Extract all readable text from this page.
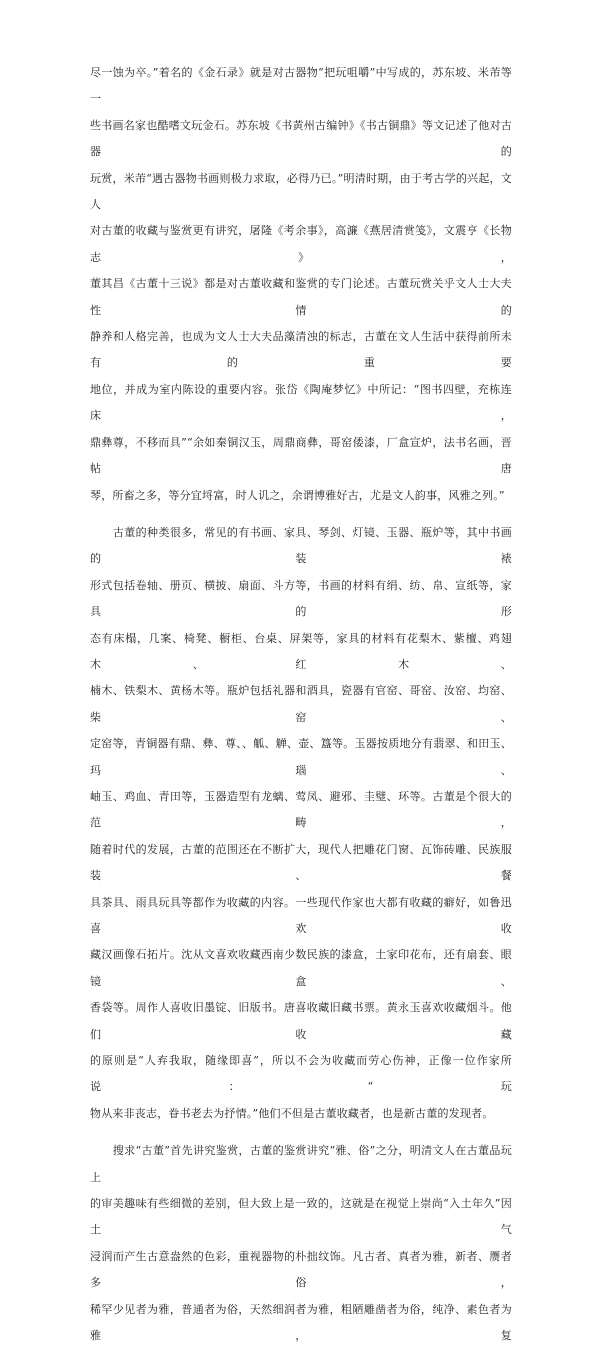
尽一蚀为卒。”着名的《金石录》就是对古器物“把玩咀嚼”中写成的，苏东坡、米芾等一
些书画名家也酷嗜文玩金石。苏东坡《书黄州古编钟》《书古铜鼎》等文记述了他对古器的
玩赏，米芾“遇古器物书画则极力求取，必得乃已。”明清时期，由于考古学的兴起，文人
对古董的收藏与鉴赏更有讲究，屠隆《考余事》，高濂《燕居清赏笺》，文震亨《长物志》，
董其昌《古董十三说》都是对古董收藏和鉴赏的专门论述。古董玩赏关乎文人士大夫性情的
静养和人格完善，也成为文人士大夫品藻清浊的标志，古董在文人生活中获得前所未有的重要
地位，并成为室内陈设的重要内容。张岱《陶庵梦忆》中所记：“图书四壁，充栋连床，
鼎彝尊，不移而具”“余如秦铜汉玉，周鼎商彝，哥窑倭漆，厂盒宣炉，法书名画，晋帖唐
琴，所畜之多，等分宜埒富，时人讥之，余谓博雅好古，尤是文人韵事，风雅之列。”

　　古董的种类很多，常见的有书画、家具、琴剑、灯镜、玉器、瓶炉等，其中书画的装裱
形式包括卷轴、册页、横披、扇面、斗方等，书画的材料有绢、纺、帛、宣纸等，家具的形
态有床榻，几案、椅凳、橱柜、台桌、屏架等，家具的材料有花梨木、紫檀、鸡翅木、红木、
楠木、铁梨木、黄杨木等。瓶炉包括礼器和酒具，瓷器有官窑、哥窑、汝窑、均窑、柴窑、
定窑等，青铜器有鼎、彝、尊、、觚、觯、壶、簋等。玉器按质地分有翡翠、和田玉、玛瑙、
岫玉、鸡血、青田等，玉器造型有龙螭、莺凤、避邪、圭璧、环等。古董是个很大的范畴，
随着时代的发展，古董的范围还在不断扩大，现代人把雕花门窗、瓦饰砖雕、民族服装、餐
具茶具、雨具玩具等都作为收藏的内容。一些现代作家也大都有收藏的癖好，如鲁迅喜欢收
藏汉画像石拓片。沈从文喜欢收藏西南少数民族的漆盒，土家印花布，还有扇套、眼镜盒、
香袋等。周作人喜收旧墨锭、旧版书。唐喜收藏旧藏书票。黄永玉喜欢收藏烟斗。他们收藏
的原则是“人弃我取，随缘即喜”，所以不会为收藏而劳心伤神，正像一位作家所说：“玩
物从来非丧志，眷书老去为抒情。”他们不但是古董收藏者，也是新古董的发现者。

　　搜求“古董”首先讲究鉴赏，古董的鉴赏讲究“雅、俗”之分，明清文人在古董品玩上
的审美趣味有些细微的差别，但大致上是一致的，这就是在视觉上崇尚“入土年久”因土气
浸润而产生古意盎然的色彩，重视器物的朴拙纹饰。凡古者、真者为雅，新者、赝者多俗，
稀罕少见者为雅，普通者为俗，天然细润者为雅，粗陋雕凿者为俗，纯净、素色者为雅，复
